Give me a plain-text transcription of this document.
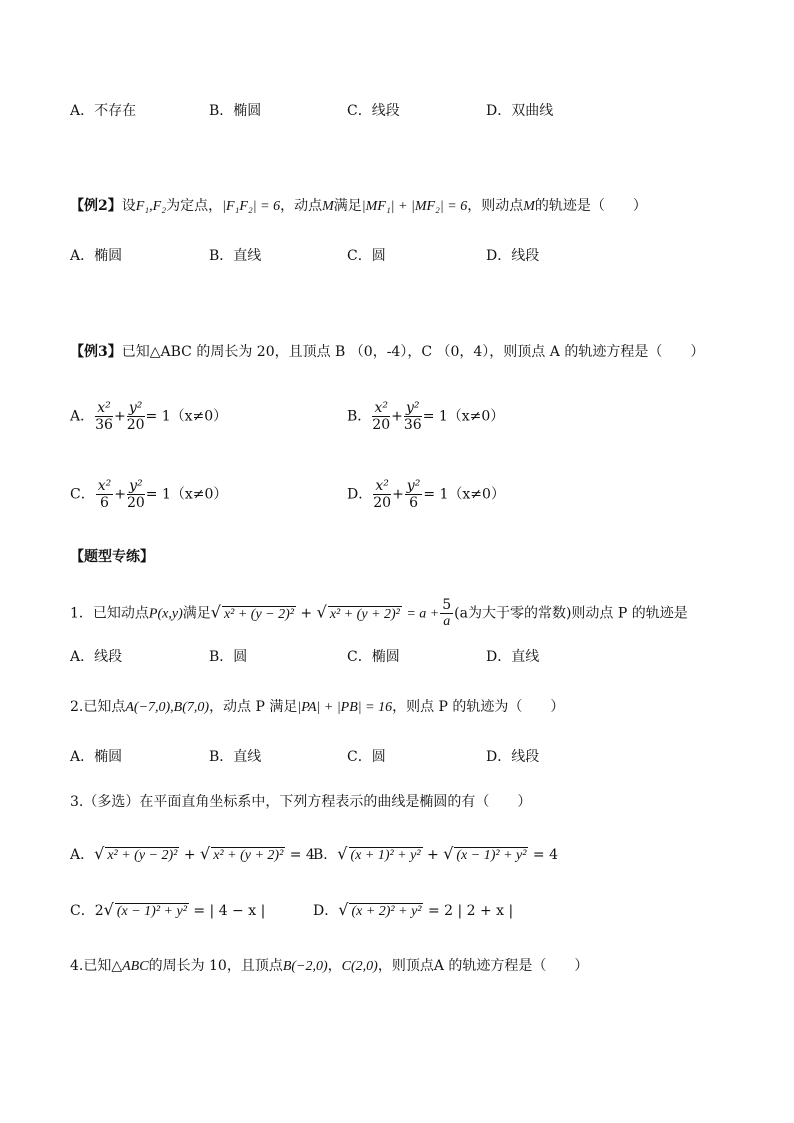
A．不存在	B．椭圆	C．线段	D．双曲线
【例2】设F₁,F₂为定点，|F₁F₂| = 6，动点M满足|MF₁| + |MF₂| = 6，则动点M的轨迹是（　　）
A．椭圆	B．直线	C．圆	D．线段
【例3】已知△ABC 的周长为 20，且顶点 B （0，-4），C （0，4），则顶点 A 的轨迹方程是（　　）
A． $\frac{\text{x²}}{36} + \frac{\text{y²}}{20} = 1(x\ne 0)$	B． $\frac{\text{x²}}{20} + \frac{\text{y²}}{36} = 1(x\ne 0)$
C． $\frac{\text{x²}}{6} + \frac{\text{y²}}{20} = 1(x\ne 0)$	D． $\frac{\text{x²}}{20} + \frac{\text{y²}}{6} = 1(x\ne 0)$
【题型专练】
1．已知动点P(x,y)满足√ x² + (y − 2)² + √ $x^2 + (y + 2)^2 = a + \frac{5}{a} (a$为大于零的常数)则动点 P 的轨迹是
A．线段	B．圆	C．椭圆	D．直线
2.已知点A(−7,0),B(7,0)，动点 P 满足|PA| + |PB| = 16，则点 P 的轨迹为（　　）
A．椭圆	B．直线	C．圆	D．线段
3.（多选）在平面直角坐标系中，下列方程表示的曲线是椭圆的有（　　）
A．√ x² + (y − 2)² + √ x² + (y + 2)² = 4
B．√ (x + 1)² + y² + √ (x − 1)² + y² = 4
C．2√ (x − 1)² + y² = | 4 − x |	D．√ (x + 2)² + y² = 2 | 2 + x |
4.已知△ABC的周长为 10，且顶点B(−2,0)，C(2,0)，则顶点A 的轨迹方程是（　　）
